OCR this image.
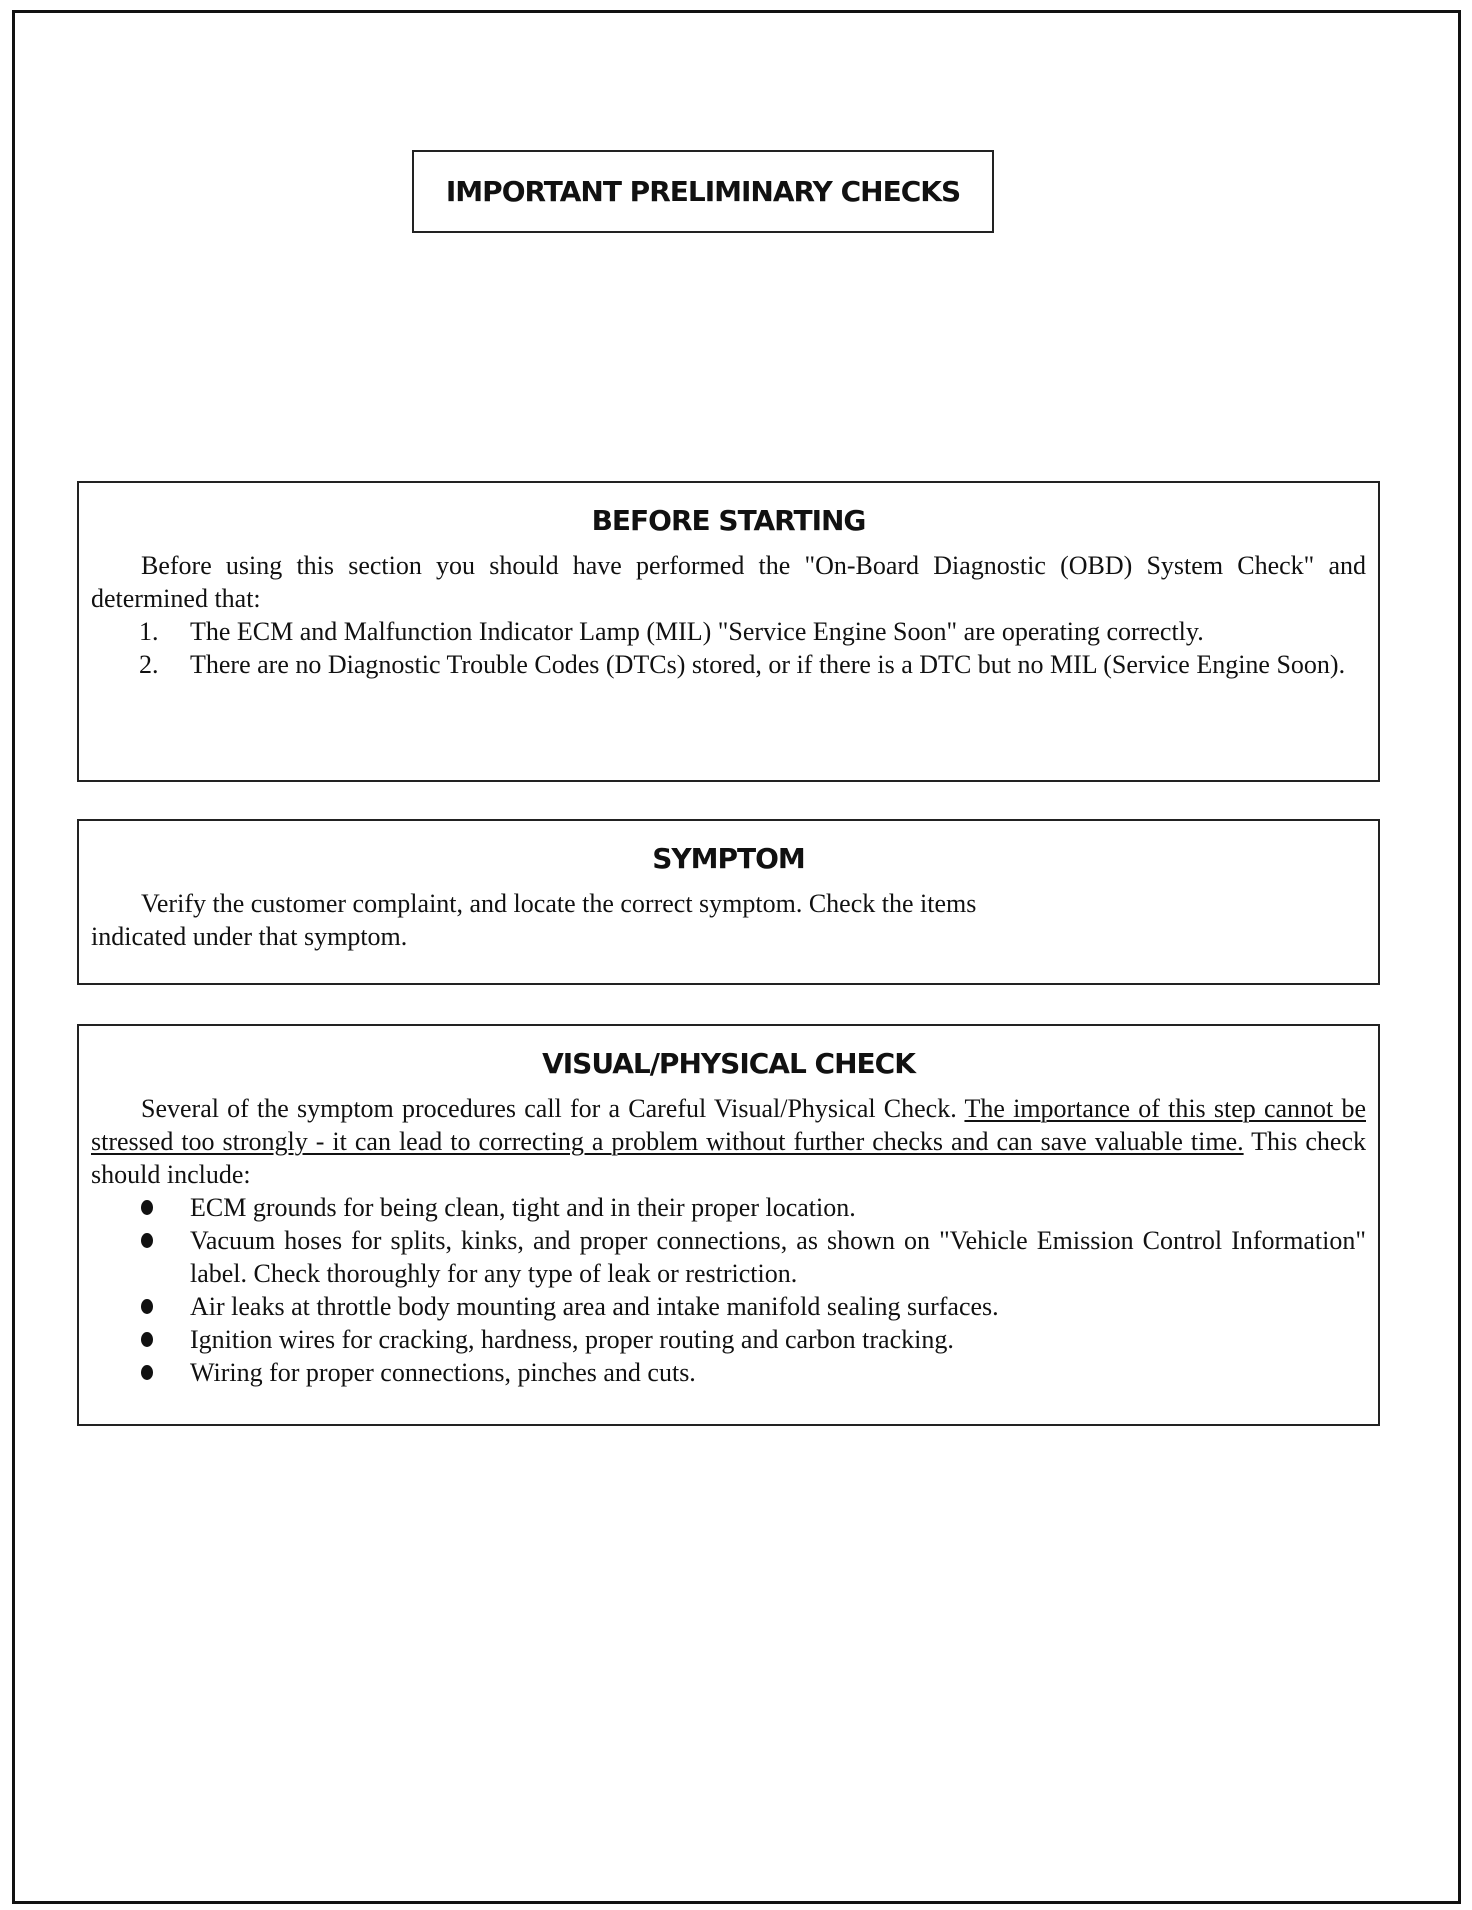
IMPORTANT PRELIMINARY CHECKS
BEFORE STARTING

Before using this section you should have performed the "On-Board Diagnostic (OBD) System Check" and determined that:

1. The ECM and Malfunction Indicator Lamp (MIL) "Service Engine Soon" are operating correctly.
2. There are no Diagnostic Trouble Codes (DTCs) stored, or if there is a DTC but no MIL (Service Engine Soon).
SYMPTOM

Verify the customer complaint, and locate the correct symptom. Check the items indicated under that symptom.

VISUAL/PHYSICAL CHECK

Several of the symptom procedures call for a Careful Visual/Physical Check. The importance of this step cannot be stressed too strongly - it can lead to correcting a problem without further checks and can save valuable time. This check should include:

ECM grounds for being clean, tight and in their proper location.
Vacuum hoses for splits, kinks, and proper connections, as shown on "Vehicle Emission Control Information" label. Check thoroughly for any type of leak or restriction.
Air leaks at throttle body mounting area and intake manifold sealing surfaces.
Ignition wires for cracking, hardness, proper routing and carbon tracking.
Wiring for proper connections, pinches and cuts.
